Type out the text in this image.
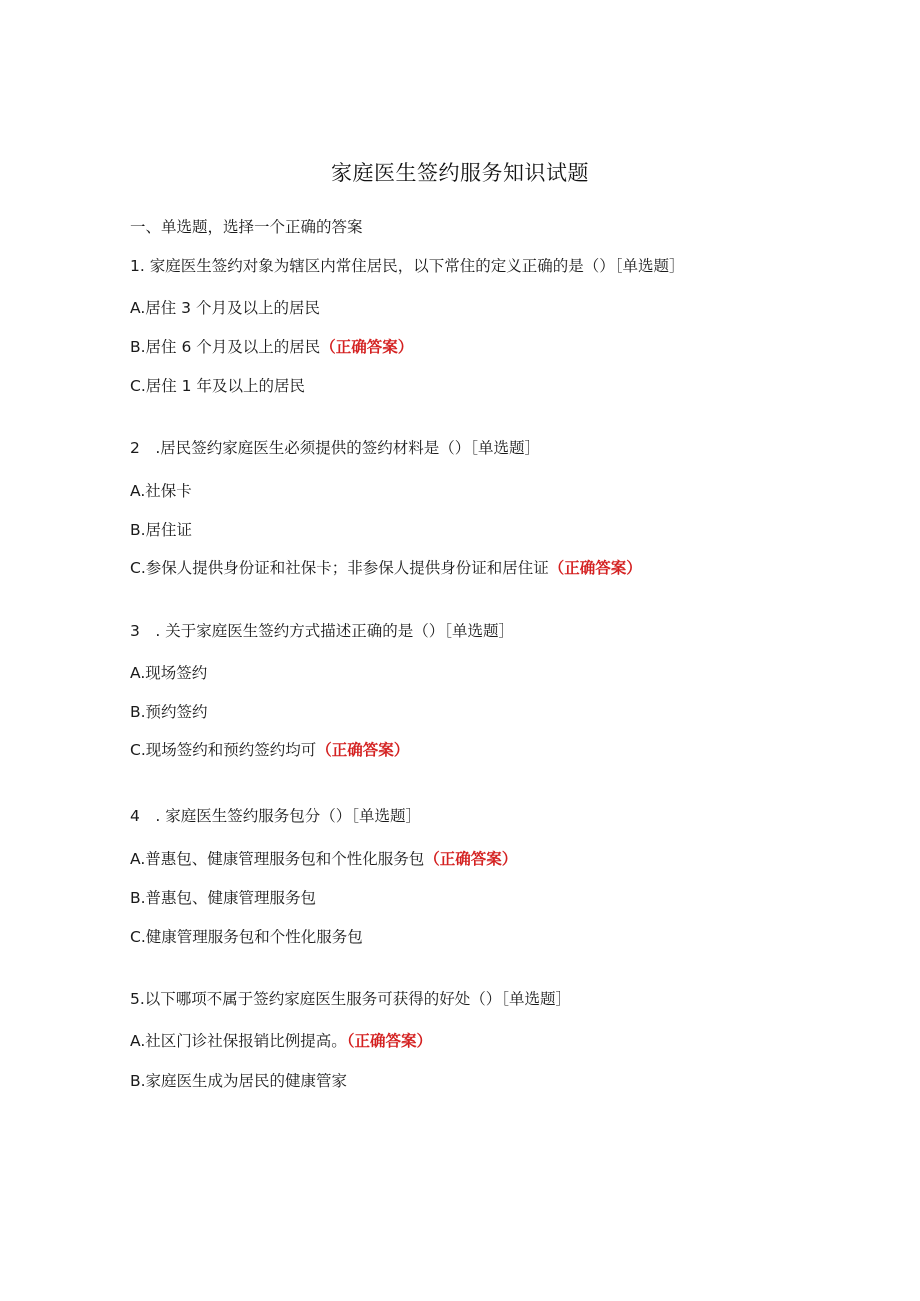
家庭医生签约服务知识试题
一、单选题，选择一个正确的答案
1. 家庭医生签约对象为辖区内常住居民，以下常住的定义正确的是（）［单选题］
A.居住 3 个月及以上的居民
B.居住 6 个月及以上的居民（正确答案）
C.居住 1 年及以上的居民
2　.居民签约家庭医生必须提供的签约材料是（）［单选题］
A.社保卡
B.居住证
C.参保人提供身份证和社保卡；非参保人提供身份证和居住证（正确答案）
3　. 关于家庭医生签约方式描述正确的是（）［单选题］
A.现场签约
B.预约签约
C.现场签约和预约签约均可（正确答案）
4　. 家庭医生签约服务包分（）［单选题］
A.普惠包、健康管理服务包和个性化服务包（正确答案）
B.普惠包、健康管理服务包
C.健康管理服务包和个性化服务包
5.以下哪项不属于签约家庭医生服务可获得的好处（）［单选题］
A.社区门诊社保报销比例提高。（正确答案）
B.家庭医生成为居民的健康管家
